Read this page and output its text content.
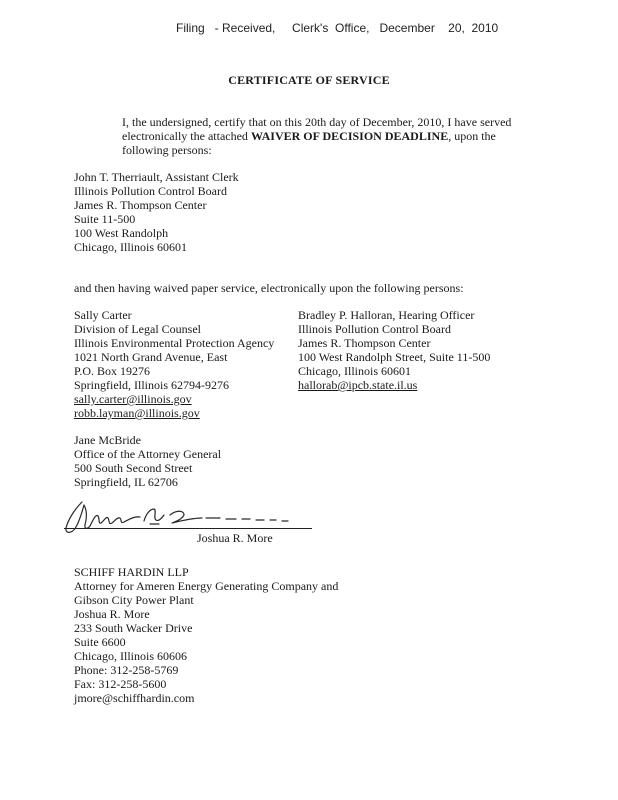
Filing   - Received,     Clerk's  Office,   December    20,  2010
CERTIFICATE OF SERVICE

I, the undersigned, certify that on this 20th day of December, 2010, I have served electronically the attached WAIVER OF DECISION DEADLINE, upon the following persons:

John T. Therriault, Assistant Clerk
Illinois Pollution Control Board
James R. Thompson Center
Suite 11-500
100 West Randolph
Chicago, Illinois 60601
and then having waived paper service, electronically upon the following persons:
Sally Carter
Division of Legal Counsel
Illinois Environmental Protection Agency
1021 North Grand Avenue, East
P.O. Box 19276
Springfield, Illinois 62794-9276
sally.carter@illinois.gov
robb.layman@illinois.gov
Bradley P. Halloran, Hearing Officer
Illinois Pollution Control Board
James R. Thompson Center
100 West Randolph Street, Suite 11-500
Chicago, Illinois 60601
hallorab@ipcb.state.il.us
Jane McBride
Office of the Attorney General
500 South Second Street
Springfield, IL 62706
Joshua R. More
SCHIFF HARDIN LLP
Attorney for Ameren Energy Generating Company and
Gibson City Power Plant
Joshua R. More
233 South Wacker Drive
Suite 6600
Chicago, Illinois 60606
Phone: 312-258-5769
Fax: 312-258-5600
jmore@schiffhardin.com
